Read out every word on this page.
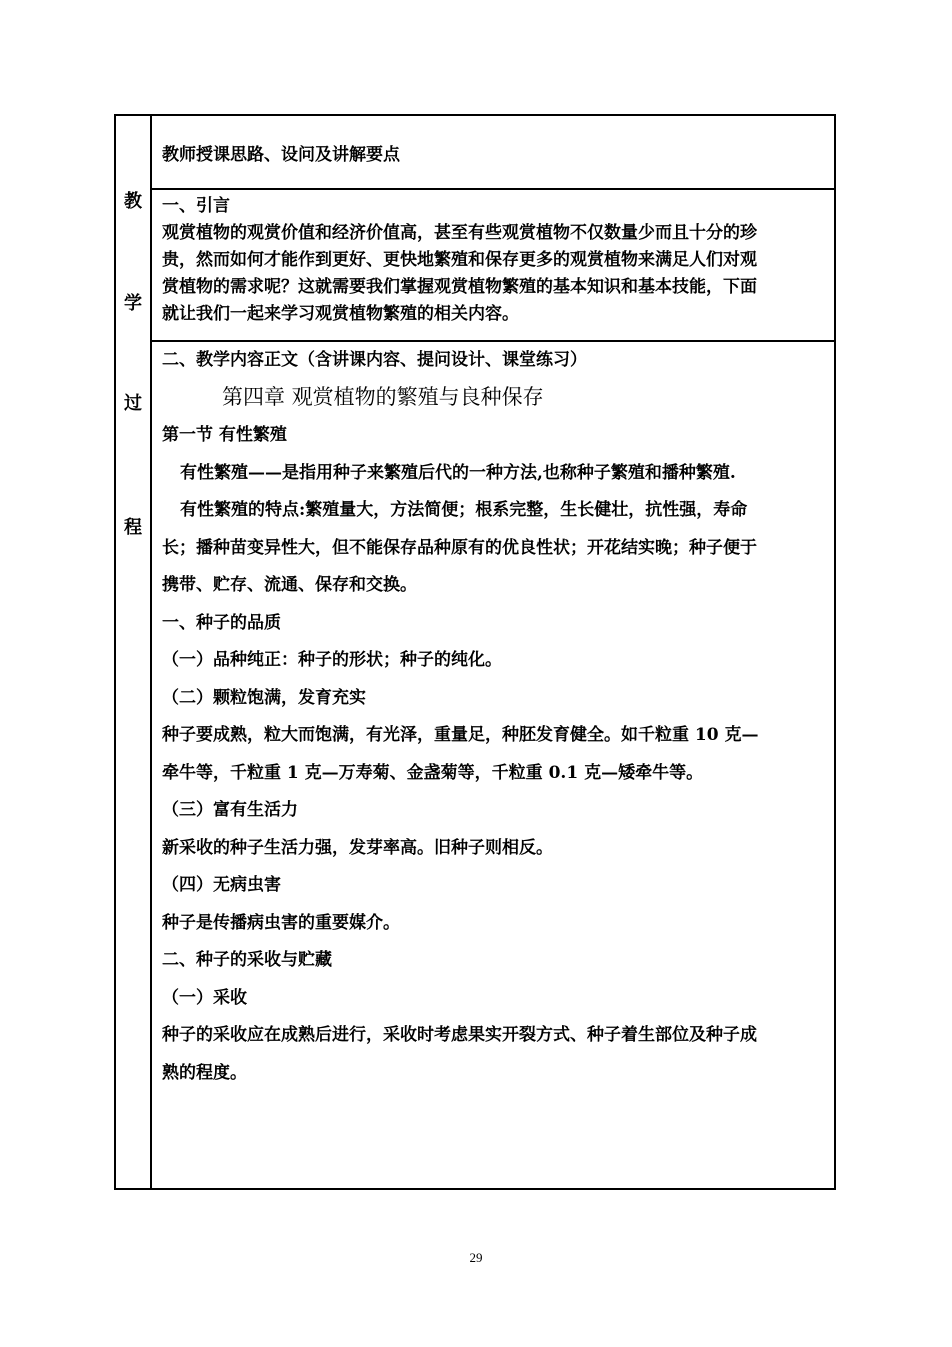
教
学
过
程

教师授课思路、设问及讲解要点

一、引言

观赏植物的观赏价值和经济价值高，甚至有些观赏植物不仅数量少而且十分的珍

贵，然而如何才能作到更好、更快地繁殖和保存更多的观赏植物来满足人们对观

赏植物的需求呢？这就需要我们掌握观赏植物繁殖的基本知识和基本技能，下面

就让我们一起来学习观赏植物繁殖的相关内容。

二、教学内容正文（含讲课内容、提问设计、课堂练习）

第四章 观赏植物的繁殖与良种保存

第一节 有性繁殖

有性繁殖——是指用种子来繁殖后代的一种方法,也称种子繁殖和播种繁殖.

有性繁殖的特点:繁殖量大，方法简便；根系完整，生长健壮，抗性强，寿命

长；播种苗变异性大，但不能保存品种原有的优良性状；开花结实晚；种子便于

携带、贮存、流通、保存和交换。

一、种子的品质

（一）品种纯正：种子的形状；种子的纯化。

（二）颗粒饱满，发育充实

种子要成熟，粒大而饱满，有光泽，重量足，种胚发育健全。如千粒重 10 克—

牵牛等，千粒重 1 克—万寿菊、金盏菊等，千粒重 0.1 克—矮牵牛等。

（三）富有生活力

新采收的种子生活力强，发芽率高。旧种子则相反。

（四）无病虫害

种子是传播病虫害的重要媒介。

二、种子的采收与贮藏

（一）采收

种子的采收应在成熟后进行，采收时考虑果实开裂方式、种子着生部位及种子成

熟的程度。

29
